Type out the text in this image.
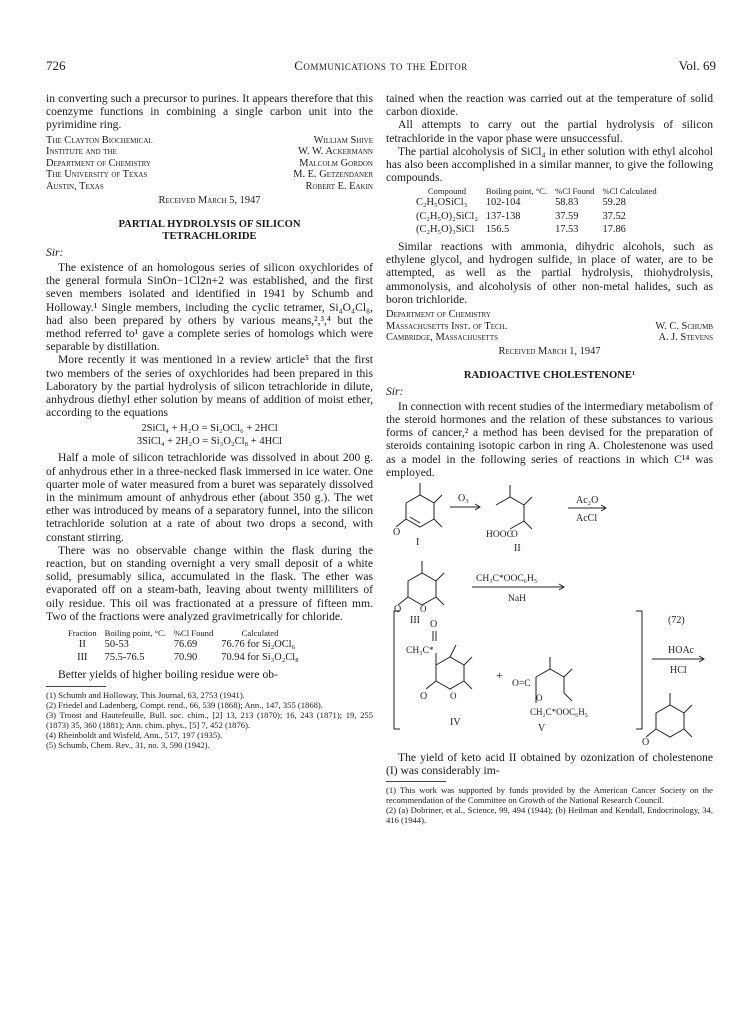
726	Communications to the Editor	Vol. 69

in converting such a precursor to purines. It appears therefore that this coenzyme functions in combining a single carbon unit into the pyrimidine ring.

The Clayton Biochemical	William Shive
Institute and the	W. W. Ackermann
Department of Chemistry	Malcolm Gordon
The University of Texas	M. E. Getzendaner
Austin, Texas	Robert E. Eakin
Received March 5, 1947
PARTIAL HYDROLYSIS OF SILICON TETRACHLORIDE
Sir:

The existence of an homologous series of silicon oxychlorides of the general formula SinOn−1Cl2n+2 was established, and the first seven members isolated and identified in 1941 by Schumb and Holloway.¹ Single members, including the cyclic tetramer, Si₄O₄Cl₈, had also been prepared by others by various means,²,³,⁴ but the method referred to¹ gave a complete series of homologs which were separable by distillation.

More recently it was mentioned in a review article⁵ that the first two members of the series of oxychlorides had been prepared in this Laboratory by the partial hydrolysis of silicon tetrachloride in dilute, anhydrous diethyl ether solution by means of addition of moist ether, according to the equations

2SiCl₄ + H₂O = Si₂OCl₆ + 2HCl
3SiCl₄ + 2H₂O = Si₃O₂Cl₈ + 4HCl

Half a mole of silicon tetrachloride was dissolved in about 200 g. of anhydrous ether in a three-necked flask immersed in ice water. One quarter mole of water measured from a buret was separately dissolved in the minimum amount of anhydrous ether (about 350 g.). The wet ether was introduced by means of a separatory funnel, into the silicon tetrachloride solution at a rate of about two drops a second, with constant stirring.

There was no observable change within the flask during the reaction, but on standing overnight a very small deposit of a white solid, presumably silica, accumulated in the flask. The ether was evaporated off on a steam-bath, leaving about twenty milliliters of oily residue. This oil was fractionated at a pressure of fifteen mm. Two of the fractions were analyzed gravimetrically for chloride.

Fraction	Boiling point, °C.	%Cl Found	Calculated
II	50-53	76.69	76.76 for Si₂OCl₆
III	75.5-76.5	70.90	70.94 for Si₃O₂Cl₈

Better yields of higher boiling residue were ob-

(1) Schumb and Holloway, This Journal, 63, 2753 (1941).
(2) Friedel and Ladenberg, Compt. rend., 66, 539 (1868); Ann., 147, 355 (1868).
(3) Troost and Hautefeuille, Bull. soc. chim., [2] 13, 213 (1870); 16, 243 (1871); 19, 255 (1873) 35, 360 (1881); Ann. chim. phys., [5] 7, 452 (1876).
(4) Rheinboldt and Wisfeld, Ann., 517, 197 (1935).
(5) Schumb, Chem. Rev., 31, no. 3, 590 (1942).

tained when the reaction was carried out at the temperature of solid carbon dioxide.

All attempts to carry out the partial hydrolysis of silicon tetrachloride in the vapor phase were unsuccessful.

The partial alcoholysis of SiCl₄ in ether solution with ethyl alcohol has also been accomplished in a similar manner, to give the following compounds.

Compound	Boiling point, °C.	%Cl Found	%Cl Calculated
C₂H₅OSiCl₃	102-104	58.83	59.28
(C₂H₅O)₂SiCl₂	137-138	37.59	37.52
(C₂H₅O)₃SiCl	156.5	17.53	17.86

Similar reactions with ammonia, dihydric alcohols, such as ethylene glycol, and hydrogen sulfide, in place of water, are to be attempted, as well as the partial hydrolysis, thiohydrolysis, ammonolysis, and alcoholysis of other non-metal halides, such as boron trichloride.

Department of Chemistry
Massachusetts Inst. of Tech.	W. C. Schumb
Cambridge, Massachusetts	A. J. Stevens
Received March 1, 1947
RADIOACTIVE CHOLESTENONE¹
Sir:

In connection with recent studies of the intermediary metabolism of the steroid hormones and the relation of these substances to various forms of cancer,² a method has been devised for the preparation of steroids containing isotopic carbon in ring A. Cholestenone was used as a model in the following series of reactions in which C¹⁴ was employed.

O
I
O₃
HOOC
O
II
Ac₂O
AcCl
O O
III
CH₃C*OOC₆H₅
NaH
(72)
O
CH₃C*
O	O
IV
+
O=C
O
CH₂C*OOC₆H₅
V
HOAc
HCl
O

The yield of keto acid II obtained by ozonization of cholestenone (I) was considerably im-

(1) This work was supported by funds provided by the American Cancer Society on the recommendation of the Committee on Growth of the National Research Council.
(2) (a) Dobriner, et al., Science, 99, 494 (1944); (b) Heilman and Kendall, Endocrinology, 34, 416 (1944).
